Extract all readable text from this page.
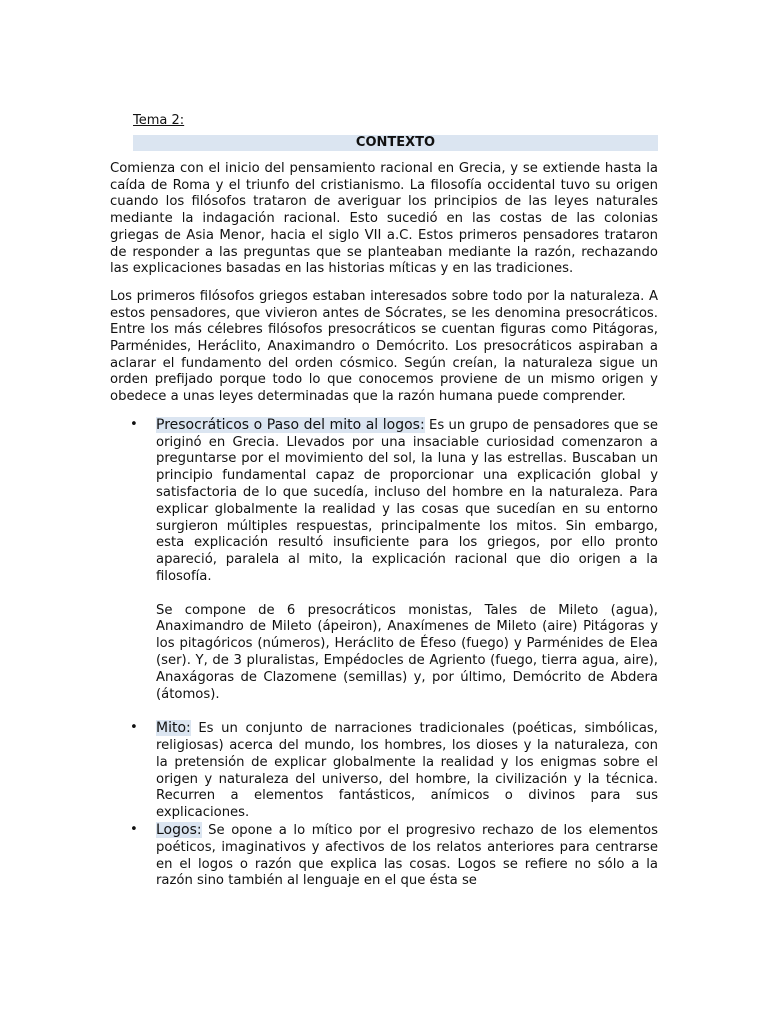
Tema 2:
CONTEXTO

Comienza con el inicio del pensamiento racional en Grecia, y se extiende hasta la caída de Roma y el triunfo del cristianismo. La filosofía occidental tuvo su origen cuando los filósofos trataron de averiguar los principios de las leyes naturales mediante la indagación racional. Esto sucedió en las costas de las colonias griegas de Asia Menor, hacia el siglo VII a.C. Estos primeros pensadores trataron de responder a las preguntas que se planteaban mediante la razón, rechazando las explicaciones basadas en las historias míticas y en las tradiciones.

Los primeros filósofos griegos estaban interesados sobre todo por la naturaleza. A estos pensadores, que vivieron antes de Sócrates, se les denomina presocráticos. Entre los más célebres filósofos presocráticos se cuentan figuras como Pitágoras, Parménides, Heráclito, Anaximandro o Demócrito. Los presocráticos aspiraban a aclarar el fundamento del orden cósmico. Según creían, la naturaleza sigue un orden prefijado porque todo lo que conocemos proviene de un mismo origen y obedece a unas leyes determinadas que la razón humana puede comprender.

• Presocráticos o Paso del mito al logos: Es un grupo de pensadores que se originó en Grecia. Llevados por una insaciable curiosidad comenzaron a preguntarse por el movimiento del sol, la luna y las estrellas. Buscaban un principio fundamental capaz de proporcionar una explicación global y satisfactoria de lo que sucedía, incluso del hombre en la naturaleza. Para explicar globalmente la realidad y las cosas que sucedían en su entorno surgieron múltiples respuestas, principalmente los mitos. Sin embargo, esta explicación resultó insuficiente para los griegos, por ello pronto apareció, paralela al mito, la explicación racional que dio origen a la filosofía.

Se compone de 6 presocráticos monistas, Tales de Mileto (agua), Anaximandro de Mileto (ápeiron), Anaxímenes de Mileto (aire) Pitágoras y los pitagóricos (números), Heráclito de Éfeso (fuego) y Parménides de Elea (ser). Y, de 3 pluralistas, Empédocles de Agriento (fuego, tierra agua, aire), Anaxágoras de Clazomene (semillas) y, por último, Demócrito de Abdera (átomos).

• Mito: Es un conjunto de narraciones tradicionales (poéticas, simbólicas, religiosas) acerca del mundo, los hombres, los dioses y la naturaleza, con la pretensión de explicar globalmente la realidad y los enigmas sobre el origen y naturaleza del universo, del hombre, la civilización y la técnica. Recurren a elementos fantásticos, anímicos o divinos para sus explicaciones.

• Logos: Se opone a lo mítico por el progresivo rechazo de los elementos poéticos, imaginativos y afectivos de los relatos anteriores para centrarse en el logos o razón que explica las cosas. Logos se refiere no sólo a la razón sino también al lenguaje en el que ésta se
